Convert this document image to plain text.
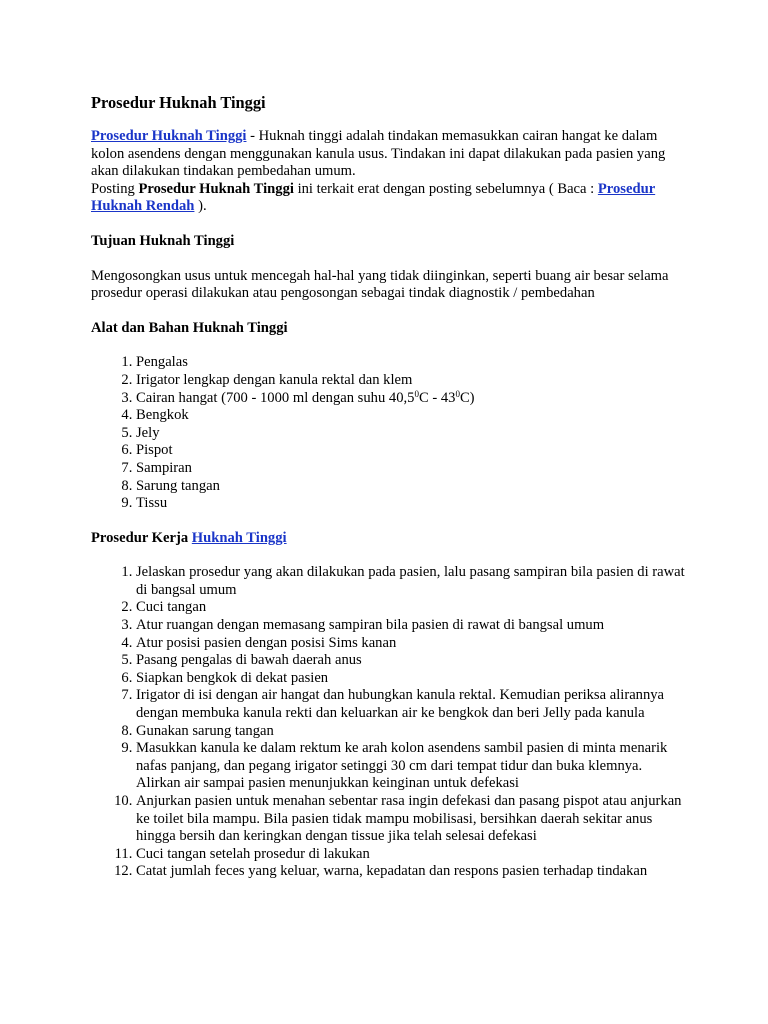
Prosedur Huknah Tinggi

Prosedur Huknah Tinggi - Huknah tinggi adalah tindakan memasukkan cairan hangat ke dalam kolon asendens dengan menggunakan kanula usus. Tindakan ini dapat dilakukan pada pasien yang akan dilakukan tindakan pembedahan umum.

Posting Prosedur Huknah Tinggi ini terkait erat dengan posting sebelumnya ( Baca : Prosedur Huknah Rendah ).

Tujuan Huknah Tinggi

Mengosongkan usus untuk mencegah hal-hal yang tidak diinginkan, seperti buang air besar selama prosedur operasi dilakukan atau pengosongan sebagai tindak diagnostik / pembedahan

Alat dan Bahan Huknah Tinggi
1. Pengalas
2. Irigator lengkap dengan kanula rektal dan klem
3. Cairan hangat (700 - 1000 ml dengan suhu $40,5^0C - 43^0C$)
4. Bengkok
5. Jely
6. Pispot
7. Sampiran
8. Sarung tangan
9. Tissu
Prosedur Kerja Huknah Tinggi
1. Jelaskan prosedur yang akan dilakukan pada pasien, lalu pasang sampiran bila pasien di rawat di bangsal umum
2. Cuci tangan
3. Atur ruangan dengan memasang sampiran bila pasien di rawat di bangsal umum
4. Atur posisi pasien dengan posisi Sims kanan
5. Pasang pengalas di bawah daerah anus
6. Siapkan bengkok di dekat pasien
7. Irigator di isi dengan air hangat dan hubungkan kanula rektal. Kemudian periksa alirannya dengan membuka kanula rekti dan keluarkan air ke bengkok dan beri Jelly pada kanula
8. Gunakan sarung tangan
9. Masukkan kanula ke dalam rektum ke arah kolon asendens sambil pasien di minta menarik nafas panjang, dan pegang irigator setinggi 30 cm dari tempat tidur dan buka klemnya. Alirkan air sampai pasien menunjukkan keinginan untuk defekasi
10. Anjurkan pasien untuk menahan sebentar rasa ingin defekasi dan pasang pispot atau anjurkan ke toilet bila mampu. Bila pasien tidak mampu mobilisasi, bersihkan daerah sekitar anus hingga bersih dan keringkan dengan tissue jika telah selesai defekasi
11. Cuci tangan setelah prosedur di lakukan
12. Catat jumlah feces yang keluar, warna, kepadatan dan respons pasien terhadap tindakan
